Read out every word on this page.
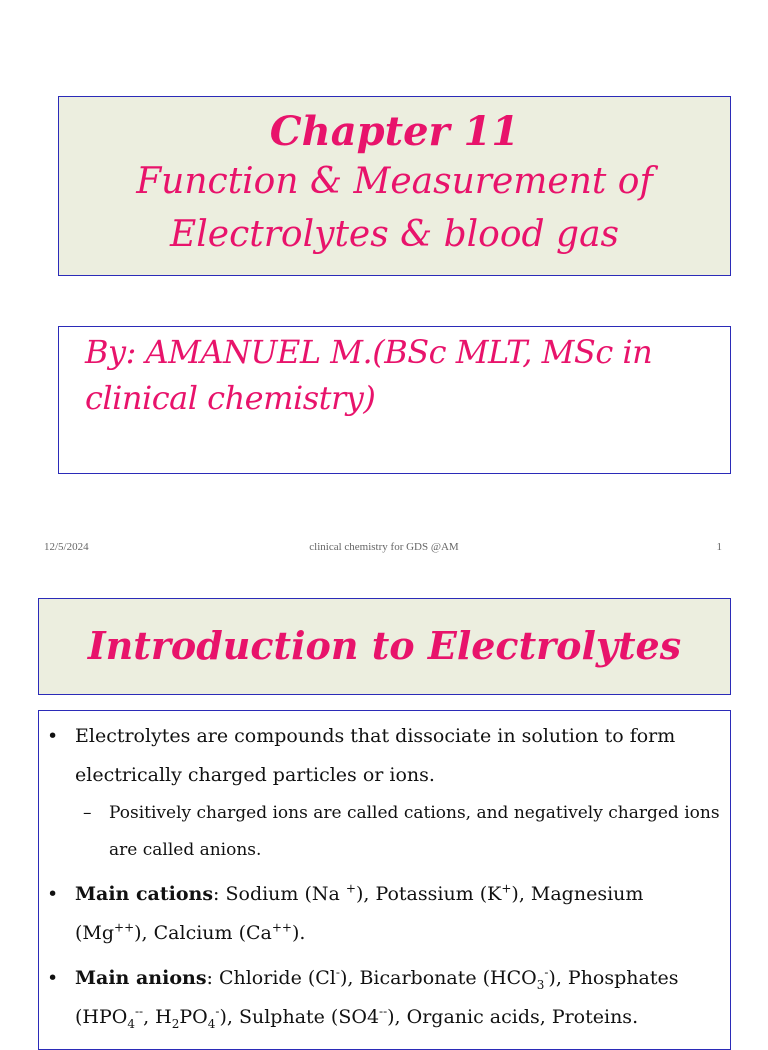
Chapter 11
Function & Measurement of
Electrolytes & blood gas
By: AMANUEL M.(BSc MLT, MSc in
clinical chemistry)
12/5/2024	clinical chemistry for GDS @AM	1
Introduction to Electrolytes
• Electrolytes are compounds that dissociate in solution to form electrically charged particles or ions.
– Positively charged ions are called cations, and negatively charged ions are called anions.
• Main cations: Sodium (Na +), Potassium (K+), Magnesium (Mg++), Calcium (Ca++).
• Main anions: Chloride (Cl-), Bicarbonate $(HCO_3^-)$, Phosphates ($HPO_4^{--}$, $H_2PO_4^-$), Sulphate (SO4--), Organic acids, Proteins.
